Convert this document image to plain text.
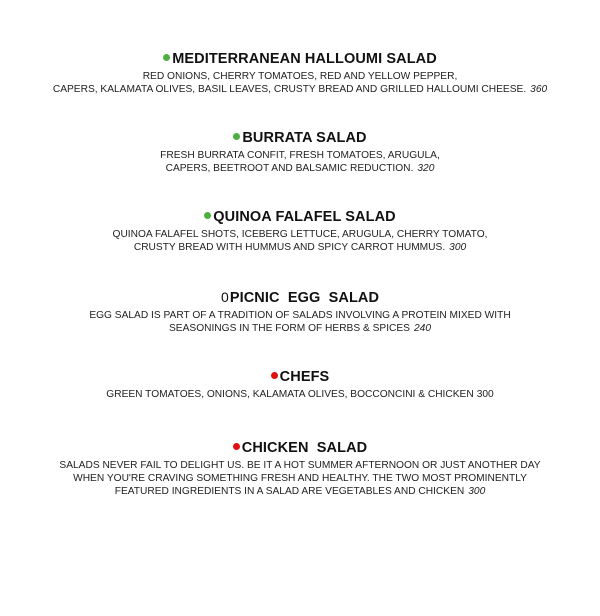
MEDITERRANEAN HALLOUMI SALAD
RED ONIONS, CHERRY TOMATOES, RED AND YELLOW PEPPER,
CAPERS, KALAMATA OLIVES, BASIL LEAVES, CRUSTY BREAD AND GRILLED HALLOUMI CHEESE. 360
BURRATA SALAD
FRESH BURRATA CONFIT, FRESH TOMATOES, ARUGULA,
CAPERS, BEETROOT AND BALSAMIC REDUCTION. 320
QUINOA FALAFEL SALAD
QUINOA FALAFEL SHOTS, ICEBERG LETTUCE, ARUGULA, CHERRY TOMATO,
CRUSTY BREAD WITH HUMMUS AND SPICY CARROT HUMMUS. 300
0PICNIC  EGG  SALAD
EGG SALAD IS PART OF A TRADITION OF SALADS INVOLVING A PROTEIN MIXED WITH
SEASONINGS IN THE FORM OF HERBS & SPICES 240
CHEFS
GREEN TOMATOES, ONIONS, KALAMATA OLIVES, BOCCONCINI & CHICKEN 300
CHICKEN  SALAD
SALADS NEVER FAIL TO DELIGHT US. BE IT A HOT SUMMER AFTERNOON OR JUST ANOTHER DAY
WHEN YOU'RE CRAVING SOMETHING FRESH AND HEALTHY. THE TWO MOST PROMINENTLY
FEATURED INGREDIENTS IN A SALAD ARE VEGETABLES AND CHICKEN 300
